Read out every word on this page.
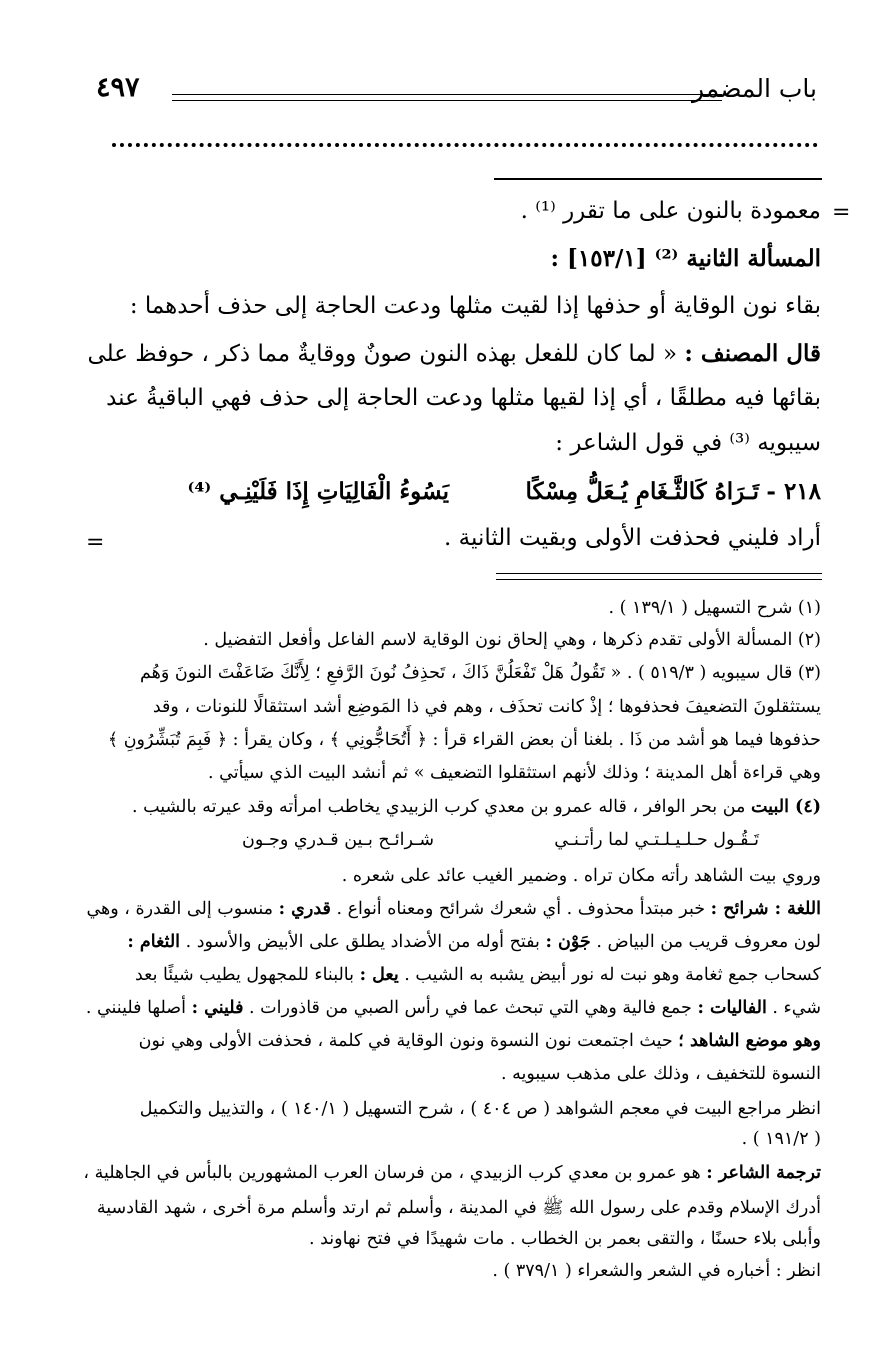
باب المضمر
٤٩٧
=
=
معمودة بالنون على ما تقرر ⁽¹⁾ .
المسألة الثانية ⁽²⁾ [١٥٣/١] :
بقاء نون الوقاية أو حذفها إذا لقيت مثلها ودعت الحاجة إلى حذف أحدهما :
قال المصنف : « لما كان للفعل بهذه النون صونٌ ووقايةٌ مما ذكر ، حوفظ على
بقائها فيه مطلقًا ، أي إذا لقيها مثلها ودعت الحاجة إلى حذف فهي الباقيةُ عند
سيبويه ⁽³⁾ في قول الشاعر :
٢١٨ -
تَـرَاهُ كَالثَّـغَامِ يُـعَلُّ مِسْكًا
يَسُوءُ الْفَالِيَاتِ إِذَا فَلَيْنِـي ⁽⁴⁾
أراد فليني فحذفت الأولى وبقيت الثانية .
(١) شرح التسهيل ( ١٣٩/١ ) .
(٢) المسألة الأولى تقدم ذكرها ، وهي إلحاق نون الوقاية لاسم الفاعل وأفعل التفضيل .
(٣) قال سيبويه ( ٥١٩/٣ ) . « تَقُولُ هَلْ تَفْعَلُنَّ ذَاكَ ، تَحذِفُ نُونَ الرَّفعِ ؛ لِأَنَّكَ ضَاعَفْتَ النونَ وَهُم
يستثقلونَ التضعيفَ فحذفوها ؛ إذْ كانت تحذَف ، وهم في ذا المَوضِع أشد استثقالًا للنونات ، وقد
حذفوها فيما هو أشد من ذَا . بلغنا أن بعض القراء قرأ : ﴿ أَتُحَاجُّونِي ﴾ ، وكان يقرأ : ﴿ فَبِمَ تُبَشِّرُونِ ﴾
وهي قراءة أهل المدينة ؛ وذلك لأنهم استثقلوا التضعيف » ثم أنشد البيت الذي سيأتي .
(٤) البيت من بحر الوافر ، قاله عمرو بن معدي كرب الزبيدي يخاطب امرأته وقد عيرته بالشيب .
تَـقُـول حـلـيـلـتـي لما رأتـنـي
شـرائـح بـين قـدري وجـون
وروي بيت الشاهد رأته مكان تراه . وضمير الغيب عائد على شعره .
اللغة : شرائح : خبر مبتدأ محذوف . أي شعرك شرائح ومعناه أنواع . قدري : منسوب إلى القدرة ، وهي
لون معروف قريب من البياض . جَوْن : بفتح أوله من الأضداد يطلق على الأبيض والأسود . الثغام :
كسحاب جمع ثغامة وهو نبت له نور أبيض يشبه به الشيب . يعل : بالبناء للمجهول يطيب شيئًا بعد
شيء . الفاليات : جمع فالية وهي التي تبحث عما في رأس الصبي من قاذورات . فليني : أصلها فلينني .
وهو موضع الشاهد ؛ حيث اجتمعت نون النسوة ونون الوقاية في كلمة ، فحذفت الأولى وهي نون
النسوة للتخفيف ، وذلك على مذهب سيبويه .
انظر مراجع البيت في معجم الشواهد ( ص ٤٠٤ ) ، شرح التسهيل ( ١٤٠/١ ) ، والتذييل والتكميل
( ١٩١/٢ ) .
ترجمة الشاعر : هو عمرو بن معدي كرب الزبيدي ، من فرسان العرب المشهورين بالبأس في الجاهلية ،
أدرك الإسلام وقدم على رسول الله ﷺ في المدينة ، وأسلم ثم ارتد وأسلم مرة أخرى ، شهد القادسية
وأبلى بلاء حسنًا ، والتقى بعمر بن الخطاب . مات شهيدًا في فتح نهاوند .
انظر : أخباره في الشعر والشعراء ( ٣٧٩/١ ) .
